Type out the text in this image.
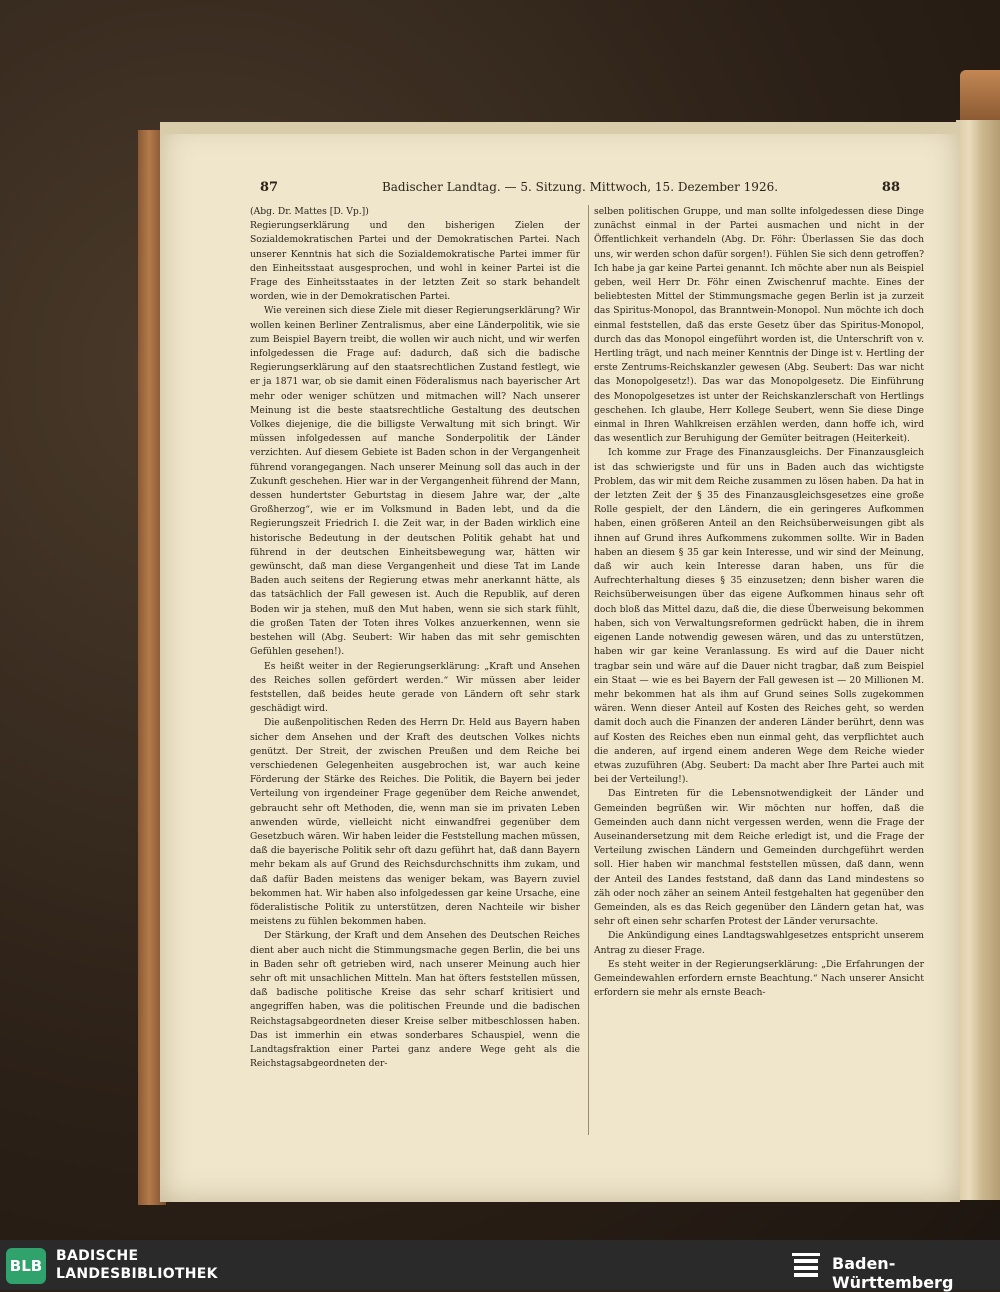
87	Badischer Landtag. — 5. Sitzung. Mittwoch, 15. Dezember 1926.	88

(Abg. Dr. Mattes [D. Vp.])

Regierungserklärung und den bisherigen Zielen der Sozialdemokratischen Partei und der Demokratischen Partei. Nach unserer Kenntnis hat sich die Sozialdemokratische Partei immer für den Einheitsstaat ausgesprochen, und wohl in keiner Partei ist die Frage des Einheitsstaates in der letzten Zeit so stark behandelt worden, wie in der Demokratischen Partei.

Wie vereinen sich diese Ziele mit dieser Regierungserklärung? Wir wollen keinen Berliner Zentralismus, aber eine Länderpolitik, wie sie zum Beispiel Bayern treibt, die wollen wir auch nicht, und wir werfen infolgedessen die Frage auf: dadurch, daß sich die badische Regierungserklärung auf den staatsrechtlichen Zustand festlegt, wie er ja 1871 war, ob sie damit einen Föderalismus nach bayerischer Art mehr oder weniger schützen und mitmachen will? Nach unserer Meinung ist die beste staatsrechtliche Gestaltung des deutschen Volkes diejenige, die die billigste Verwaltung mit sich bringt. Wir müssen infolgedessen auf manche Sonderpolitik der Länder verzichten. Auf diesem Gebiete ist Baden schon in der Vergangenheit führend vorangegangen. Nach unserer Meinung soll das auch in der Zukunft geschehen. Hier war in der Vergangenheit führend der Mann, dessen hundertster Geburtstag in diesem Jahre war, der „alte Großherzog“, wie er im Volksmund in Baden lebt, und da die Regierungszeit Friedrich I. die Zeit war, in der Baden wirklich eine historische Bedeutung in der deutschen Politik gehabt hat und führend in der deutschen Einheitsbewegung war, hätten wir gewünscht, daß man diese Vergangenheit und diese Tat im Lande Baden auch seitens der Regierung etwas mehr anerkannt hätte, als das tatsächlich der Fall gewesen ist. Auch die Republik, auf deren Boden wir ja stehen, muß den Mut haben, wenn sie sich stark fühlt, die großen Taten der Toten ihres Volkes anzuerkennen, wenn sie bestehen will (Abg. Seubert: Wir haben das mit sehr gemischten Gefühlen gesehen!).

Es heißt weiter in der Regierungserklärung: „Kraft und Ansehen des Reiches sollen gefördert werden.“ Wir müssen aber leider feststellen, daß beides heute gerade von Ländern oft sehr stark geschädigt wird.

Die außenpolitischen Reden des Herrn Dr. Held aus Bayern haben sicher dem Ansehen und der Kraft des deutschen Volkes nichts genützt. Der Streit, der zwischen Preußen und dem Reiche bei verschiedenen Gelegenheiten ausgebrochen ist, war auch keine Förderung der Stärke des Reiches. Die Politik, die Bayern bei jeder Verteilung von irgendeiner Frage gegenüber dem Reiche anwendet, gebraucht sehr oft Methoden, die, wenn man sie im privaten Leben anwenden würde, vielleicht nicht einwandfrei gegenüber dem Gesetzbuch wären. Wir haben leider die Feststellung machen müssen, daß die bayerische Politik sehr oft dazu geführt hat, daß dann Bayern mehr bekam als auf Grund des Reichsdurchschnitts ihm zukam, und daß dafür Baden meistens das weniger bekam, was Bayern zuviel bekommen hat. Wir haben also infolgedessen gar keine Ursache, eine föderalistische Politik zu unterstützen, deren Nachteile wir bisher meistens zu fühlen bekommen haben.

Der Stärkung, der Kraft und dem Ansehen des Deutschen Reiches dient aber auch nicht die Stimmungsmache gegen Berlin, die bei uns in Baden sehr oft getrieben wird, nach unserer Meinung auch hier sehr oft mit unsachlichen Mitteln. Man hat öfters feststellen müssen, daß badische politische Kreise das sehr scharf kritisiert und angegriffen haben, was die politischen Freunde und die badischen Reichstagsabgeordneten dieser Kreise selber mitbeschlossen haben. Das ist immerhin ein etwas sonderbares Schauspiel, wenn die Landtagsfraktion einer Partei ganz andere Wege geht als die Reichstagsabgeordneten der-

selben politischen Gruppe, und man sollte infolgedessen diese Dinge zunächst einmal in der Partei ausmachen und nicht in der Öffentlichkeit verhandeln (Abg. Dr. Föhr: Überlassen Sie das doch uns, wir werden schon dafür sorgen!). Fühlen Sie sich denn getroffen? Ich habe ja gar keine Partei genannt. Ich möchte aber nun als Beispiel geben, weil Herr Dr. Föhr einen Zwischenruf machte. Eines der beliebtesten Mittel der Stimmungsmache gegen Berlin ist ja zurzeit das Spiritus-Monopol, das Branntwein-Monopol. Nun möchte ich doch einmal feststellen, daß das erste Gesetz über das Spiritus-Monopol, durch das das Monopol eingeführt worden ist, die Unterschrift von v. Hertling trägt, und nach meiner Kenntnis der Dinge ist v. Hertling der erste Zentrums-Reichskanzler gewesen (Abg. Seubert: Das war nicht das Monopolgesetz!). Das war das Monopolgesetz. Die Einführung des Monopolgesetzes ist unter der Reichskanzlerschaft von Hertlings geschehen. Ich glaube, Herr Kollege Seubert, wenn Sie diese Dinge einmal in Ihren Wahlkreisen erzählen werden, dann hoffe ich, wird das wesentlich zur Beruhigung der Gemüter beitragen (Heiterkeit).

Ich komme zur Frage des Finanzausgleichs. Der Finanzausgleich ist das schwierigste und für uns in Baden auch das wichtigste Problem, das wir mit dem Reiche zusammen zu lösen haben. Da hat in der letzten Zeit der § 35 des Finanzausgleichsgesetzes eine große Rolle gespielt, der den Ländern, die ein geringeres Aufkommen haben, einen größeren Anteil an den Reichsüberweisungen gibt als ihnen auf Grund ihres Aufkommens zukommen sollte. Wir in Baden haben an diesem § 35 gar kein Interesse, und wir sind der Meinung, daß wir auch kein Interesse daran haben, uns für die Aufrechterhaltung dieses § 35 einzusetzen; denn bisher waren die Reichsüberweisungen über das eigene Aufkommen hinaus sehr oft doch bloß das Mittel dazu, daß die, die diese Überweisung bekommen haben, sich von Verwaltungsreformen gedrückt haben, die in ihrem eigenen Lande notwendig gewesen wären, und das zu unterstützen, haben wir gar keine Veranlassung. Es wird auf die Dauer nicht tragbar sein und wäre auf die Dauer nicht tragbar, daß zum Beispiel ein Staat — wie es bei Bayern der Fall gewesen ist — 20 Millionen M. mehr bekommen hat als ihm auf Grund seines Solls zugekommen wären. Wenn dieser Anteil auf Kosten des Reiches geht, so werden damit doch auch die Finanzen der anderen Länder berührt, denn was auf Kosten des Reiches eben nun einmal geht, das verpflichtet auch die anderen, auf irgend einem anderen Wege dem Reiche wieder etwas zuzuführen (Abg. Seubert: Da macht aber Ihre Partei auch mit bei der Verteilung!).

Das Eintreten für die Lebensnotwendigkeit der Länder und Gemeinden begrüßen wir. Wir möchten nur hoffen, daß die Gemeinden auch dann nicht vergessen werden, wenn die Frage der Auseinandersetzung mit dem Reiche erledigt ist, und die Frage der Verteilung zwischen Ländern und Gemeinden durchgeführt werden soll. Hier haben wir manchmal feststellen müssen, daß dann, wenn der Anteil des Landes feststand, daß dann das Land mindestens so zäh oder noch zäher an seinem Anteil festgehalten hat gegenüber den Gemeinden, als es das Reich gegenüber den Ländern getan hat, was sehr oft einen sehr scharfen Protest der Länder verursachte.

Die Ankündigung eines Landtagswahlgesetzes entspricht unserem Antrag zu dieser Frage.

Es steht weiter in der Regierungserklärung: „Die Erfahrungen der Gemeindewahlen erfordern ernste Beachtung.“ Nach unserer Ansicht erfordern sie mehr als ernste Beach-

BLB
BADISCHE
LANDESBIBLIOTHEK
Baden-Württemberg
